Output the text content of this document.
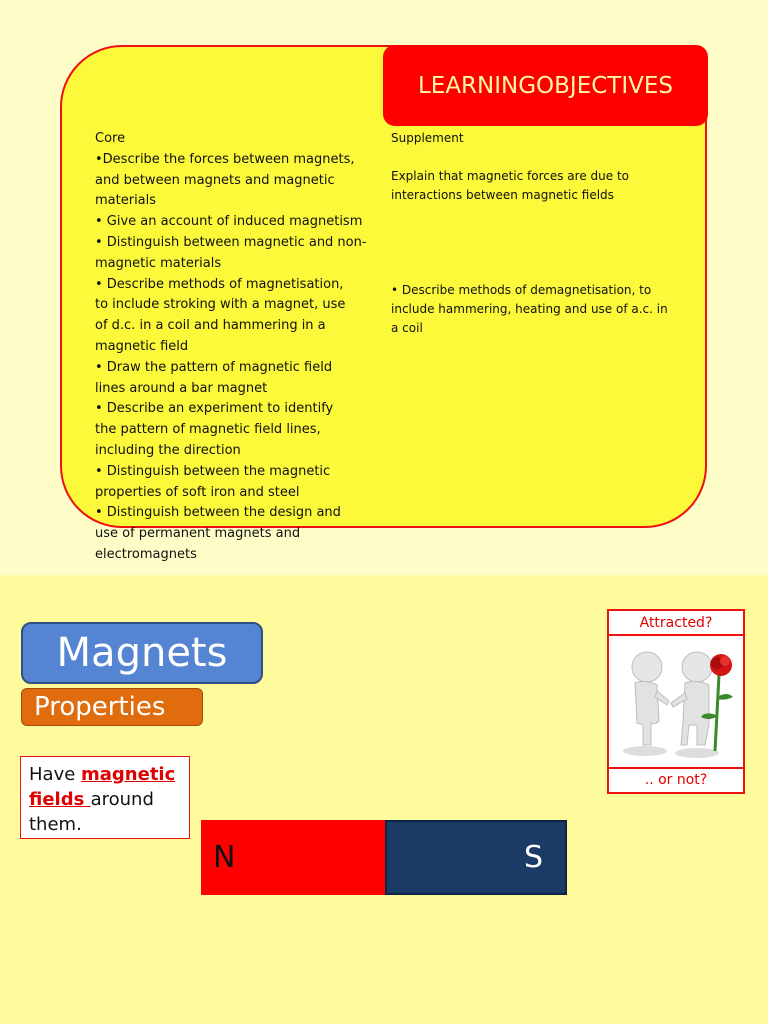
LEARNING OBJECTIVES
Core
•Describe the forces between magnets,
and between magnets and magnetic
materials
• Give an account of induced magnetism
• Distinguish between magnetic and non-
magnetic materials
• Describe methods of magnetisation,
to include stroking with a magnet, use
of d.c. in a coil and hammering in a
magnetic field
• Draw the pattern of magnetic field
lines around a bar magnet
• Describe an experiment to identify
the pattern of magnetic field lines,
including the direction
• Distinguish between the magnetic
properties of soft iron and steel
• Distinguish between the design and
use of permanent magnets and
electromagnets
Supplement

Explain that magnetic forces are due to
interactions between magnetic fields

• Describe methods of demagnetisation, to
include hammering, heating and use of a.c. in
a coil
Magnets
Properties
Have magnetic
fields around
them.
N	S
Attracted?
.. or not?
